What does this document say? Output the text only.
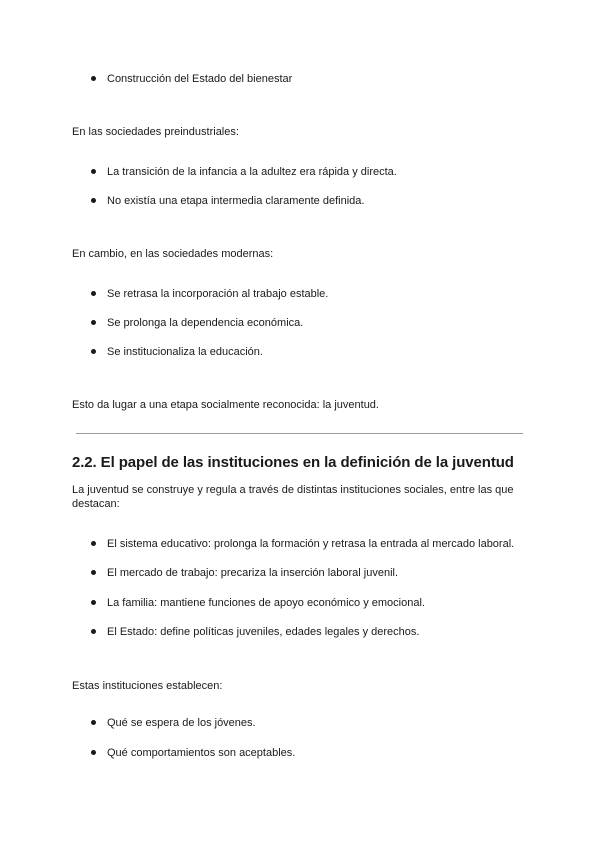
Construcción del Estado del bienestar
En las sociedades preindustriales:
La transición de la infancia a la adultez era rápida y directa.
No existía una etapa intermedia claramente definida.
En cambio, en las sociedades modernas:
Se retrasa la incorporación al trabajo estable.
Se prolonga la dependencia económica.
Se institucionaliza la educación.
Esto da lugar a una etapa socialmente reconocida: la juventud.
2.2. El papel de las instituciones en la definición de la juventud
La juventud se construye y regula a través de distintas instituciones sociales, entre las que
destacan:
El sistema educativo: prolonga la formación y retrasa la entrada al mercado laboral.
El mercado de trabajo: precariza la inserción laboral juvenil.
La familia: mantiene funciones de apoyo económico y emocional.
El Estado: define políticas juveniles, edades legales y derechos.
Estas instituciones establecen:
Qué se espera de los jóvenes.
Qué comportamientos son aceptables.
